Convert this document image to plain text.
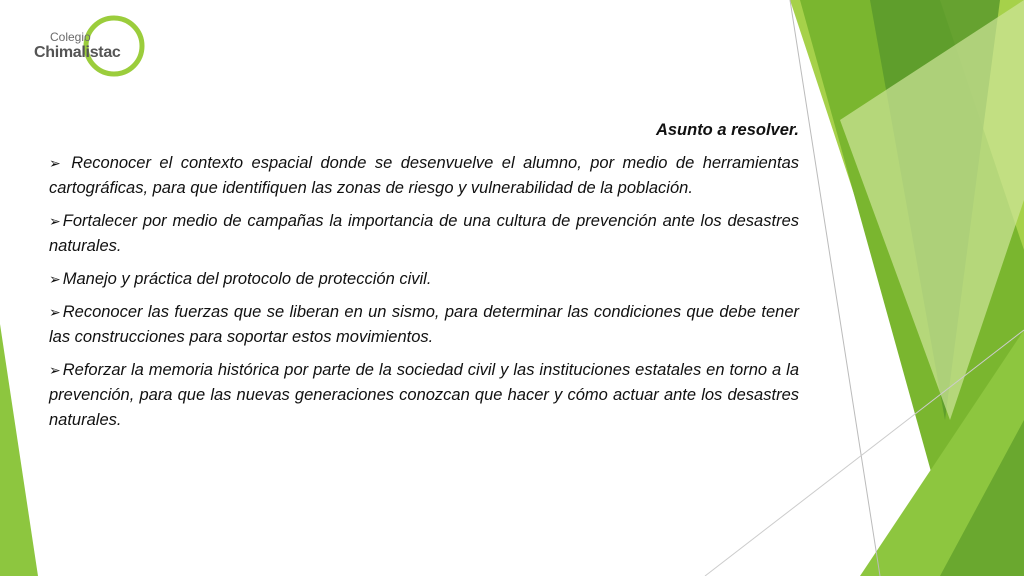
Colegio
Chimalistac

Asunto a resolver.

➢ Reconocer el contexto espacial donde se desenvuelve el alumno, por medio de herramientas cartográficas, para que identifiquen las zonas de riesgo y vulnerabilidad de la población.

➢ Fortalecer por medio de campañas la importancia de una cultura de prevención ante los desastres naturales.

➢ Manejo y práctica del protocolo de protección civil.

➢ Reconocer las fuerzas que se liberan en un sismo, para determinar las condiciones que debe tener las construcciones para soportar estos movimientos.

➢ Reforzar la memoria histórica por parte de la sociedad civil y las instituciones estatales en torno a la prevención, para que las nuevas generaciones conozcan que hacer y cómo actuar ante los desastres naturales.
